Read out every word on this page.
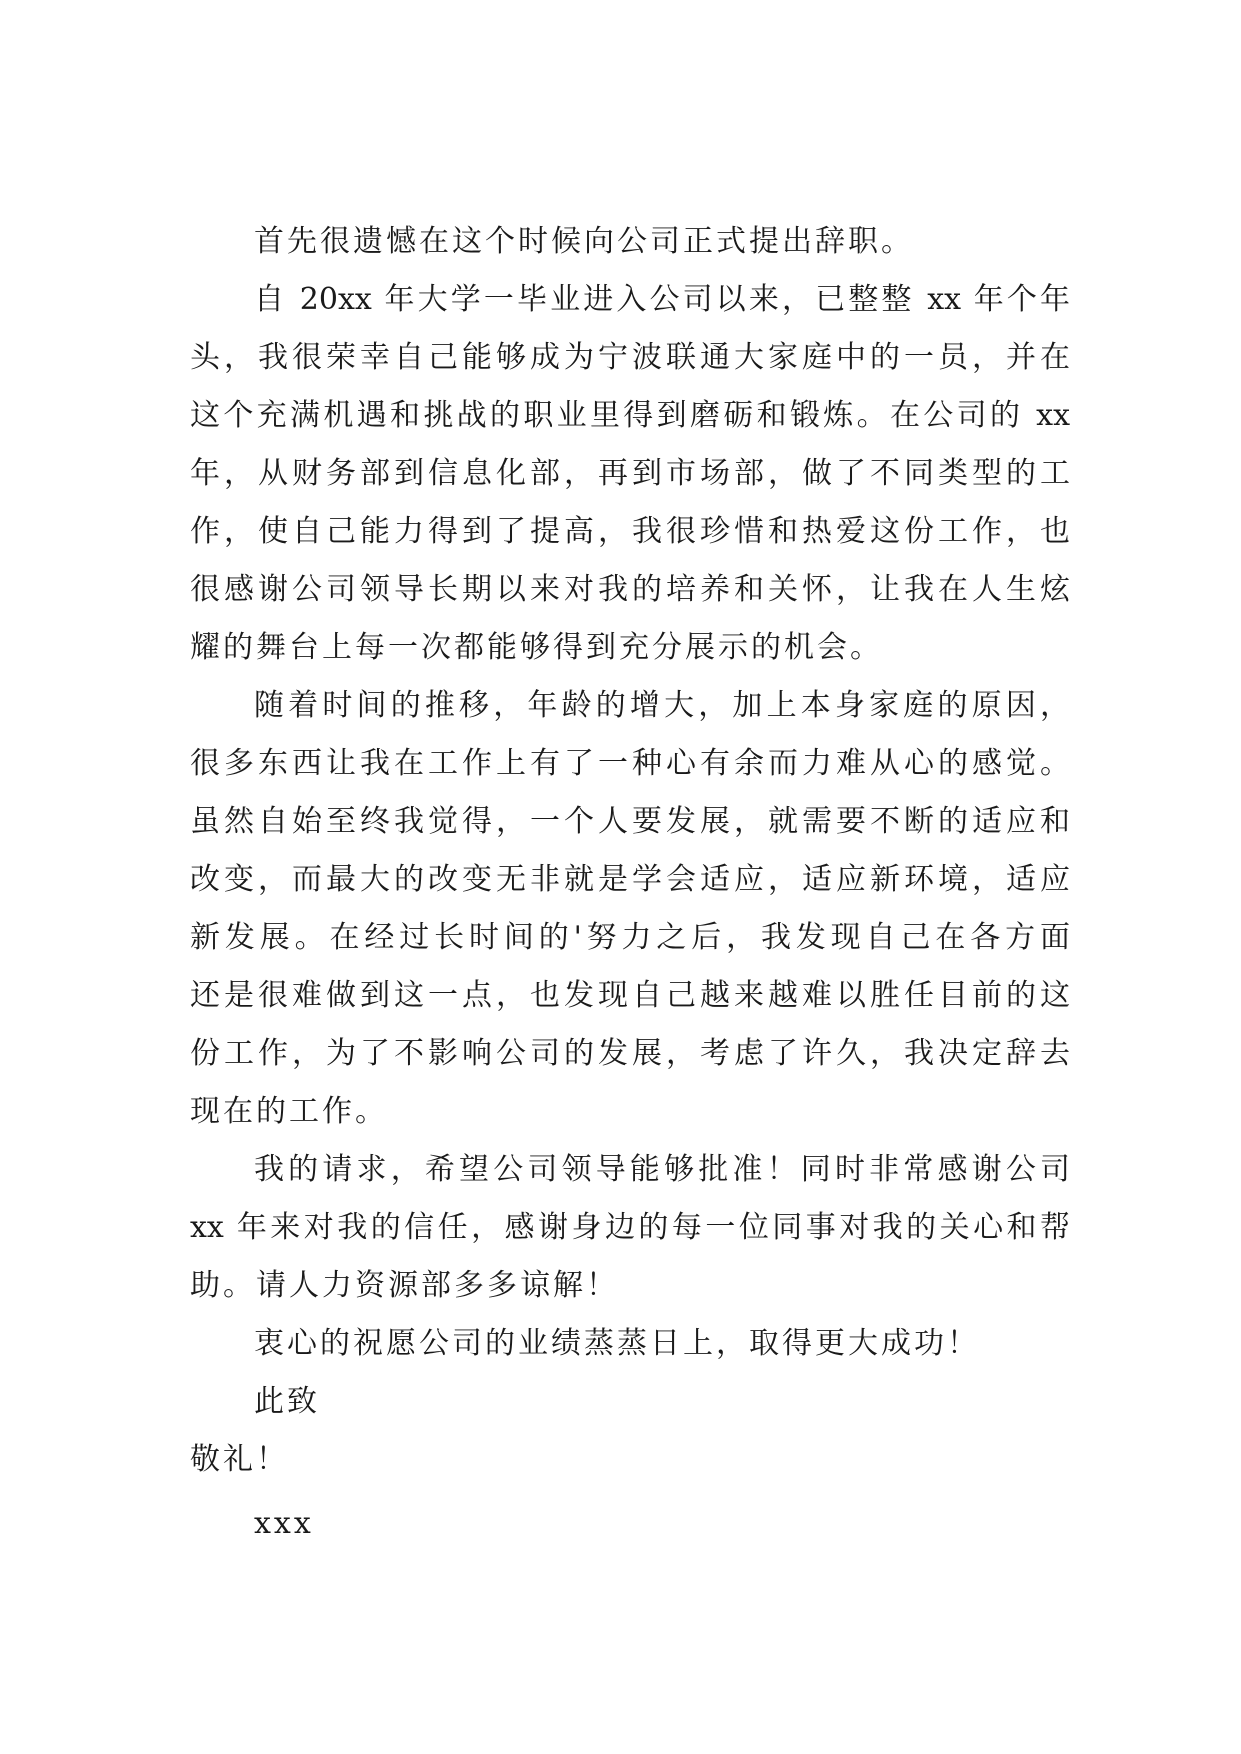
首先很遗憾在这个时候向公司正式提出辞职。
自 20xx 年大学一毕业进入公司以来，已整整 xx 年个年
头，我很荣幸自己能够成为宁波联通大家庭中的一员，并在
这个充满机遇和挑战的职业里得到磨砺和锻炼。在公司的 xx
年，从财务部到信息化部，再到市场部，做了不同类型的工
作，使自己能力得到了提高，我很珍惜和热爱这份工作，也
很感谢公司领导长期以来对我的培养和关怀，让我在人生炫
耀的舞台上每一次都能够得到充分展示的机会。
随着时间的推移，年龄的增大，加上本身家庭的原因，
很多东西让我在工作上有了一种心有余而力难从心的感觉。
虽然自始至终我觉得，一个人要发展，就需要不断的适应和
改变，而最大的改变无非就是学会适应，适应新环境，适应
新发展。在经过长时间的'努力之后，我发现自己在各方面
还是很难做到这一点，也发现自己越来越难以胜任目前的这
份工作，为了不影响公司的发展，考虑了许久，我决定辞去
现在的工作。
我的请求，希望公司领导能够批准！同时非常感谢公司
xx 年来对我的信任，感谢身边的每一位同事对我的关心和帮
助。请人力资源部多多谅解！
衷心的祝愿公司的业绩蒸蒸日上，取得更大成功！
此致
敬礼！
xxx
